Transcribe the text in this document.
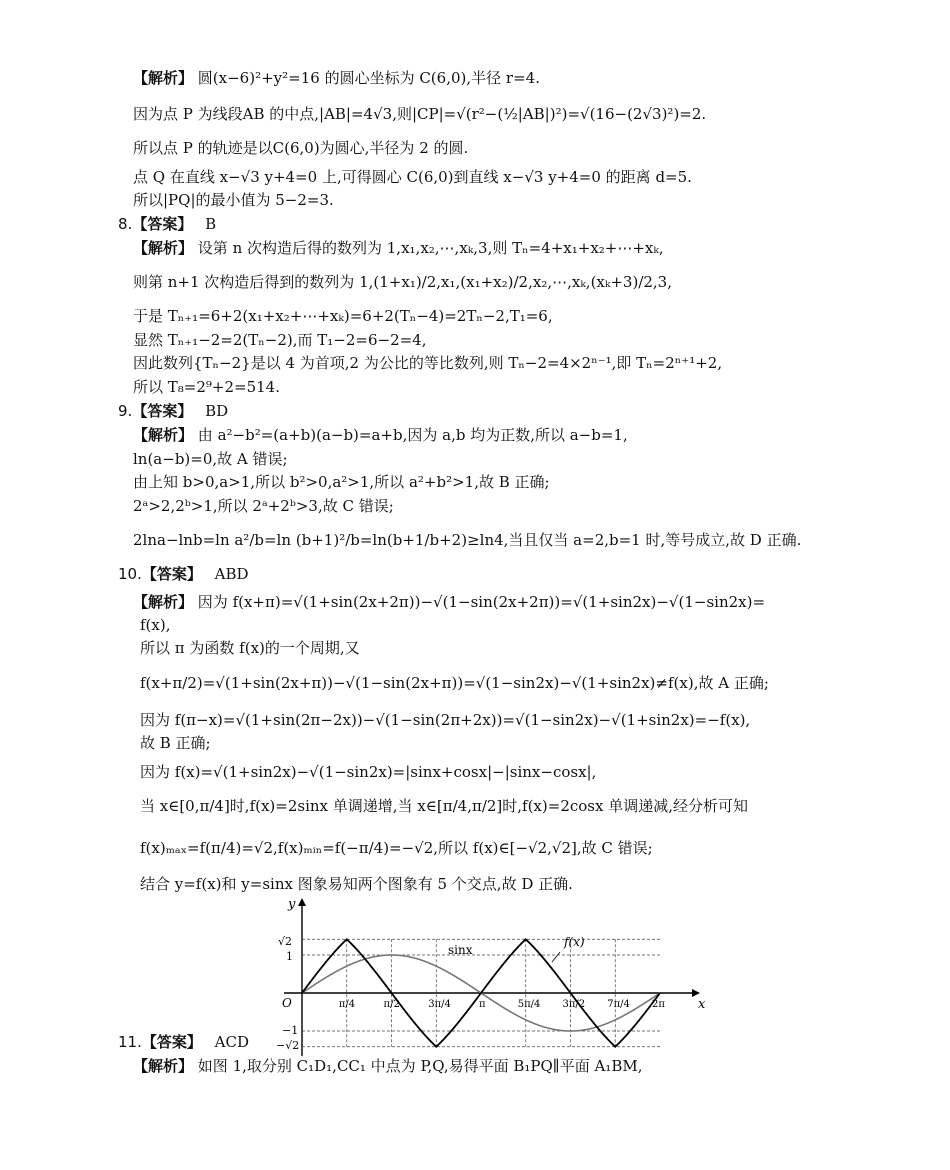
【解析】 圆(x−6)²+y²=16 的圆心坐标为 C(6,0),半径 r=4.
因为点 P 为线段AB 的中点,|AB|=4√3,则|CP|=√(r²−(½|AB|)²)=√(16−(2√3)²)=2.
所以点 P 的轨迹是以C(6,0)为圆心,半径为 2 的圆.
点 Q 在直线 x−√3 y+4=0 上,可得圆心 C(6,0)到直线 x−√3 y+4=0 的距离 d=5.
所以|PQ|的最小值为 5−2=3.
8.【答案】 B
【解析】 设第 n 次构造后得的数列为 1,x₁,x₂,⋯,xₖ,3,则 Tₙ=4+x₁+x₂+⋯+xₖ,
则第 n+1 次构造后得到的数列为 1,(1+x₁)/2,x₁,(x₁+x₂)/2,x₂,⋯,xₖ,(xₖ+3)/2,3,
于是 Tₙ₊₁=6+2(x₁+x₂+⋯+xₖ)=6+2(Tₙ−4)=2Tₙ−2,T₁=6,
显然 Tₙ₊₁−2=2(Tₙ−2),而 T₁−2=6−2=4,
因此数列{Tₙ−2}是以 4 为首项,2 为公比的等比数列,则 Tₙ−2=4×2ⁿ⁻¹,即 Tₙ=2ⁿ⁺¹+2,
所以 T₈=2⁹+2=514.
9.【答案】 BD
【解析】 由 a²−b²=(a+b)(a−b)=a+b,因为 a,b 均为正数,所以 a−b=1,
ln(a−b)=0,故 A 错误;
由上知 b>0,a>1,所以 b²>0,a²>1,所以 a²+b²>1,故 B 正确;
2ᵃ>2,2ᵇ>1,所以 2ᵃ+2ᵇ>3,故 C 错误;
2lna−lnb=ln a²/b=ln (b+1)²/b=ln(b+1/b+2)≥ln4,当且仅当 a=2,b=1 时,等号成立,故 D 正确.
10.【答案】 ABD
【解析】 因为 f(x+π)=√(1+sin(2x+2π))−√(1−sin(2x+2π))=√(1+sin2x)−√(1−sin2x)=
f(x),
所以 π 为函数 f(x)的一个周期,又
f(x+π/2)=√(1+sin(2x+π))−√(1−sin(2x+π))=√(1−sin2x)−√(1+sin2x)≠f(x),故 A 正确;
因为 f(π−x)=√(1+sin(2π−2x))−√(1−sin(2π+2x))=√(1−sin2x)−√(1+sin2x)=−f(x),
故 B 正确;
因为 f(x)=√(1+sin2x)−√(1−sin2x)=|sinx+cosx|−|sinx−cosx|,
当 x∈[0,π/4]时,f(x)=2sinx 单调递增,当 x∈[π/4,π/2]时,f(x)=2cosx 单调递减,经分析可知
f(x)ₘₐₓ=f(π/4)=√2,f(x)ₘᵢₙ=f(−π/4)=−√2,所以 f(x)∈[−√2,√2],故 C 错误;
结合 y=f(x)和 y=sinx 图象易知两个图象有 5 个交点,故 D 正确.
y
x
O
√2
1
−1
−√2
π/4	π/2	3π/4	π	5π/4 3π/2 7π/4 2π
sinx
f(x)
11.【答案】 ACD
【解析】 如图 1,取分别 C₁D₁,CC₁ 中点为 P,Q,易得平面 B₁PQ∥平面 A₁BM,
